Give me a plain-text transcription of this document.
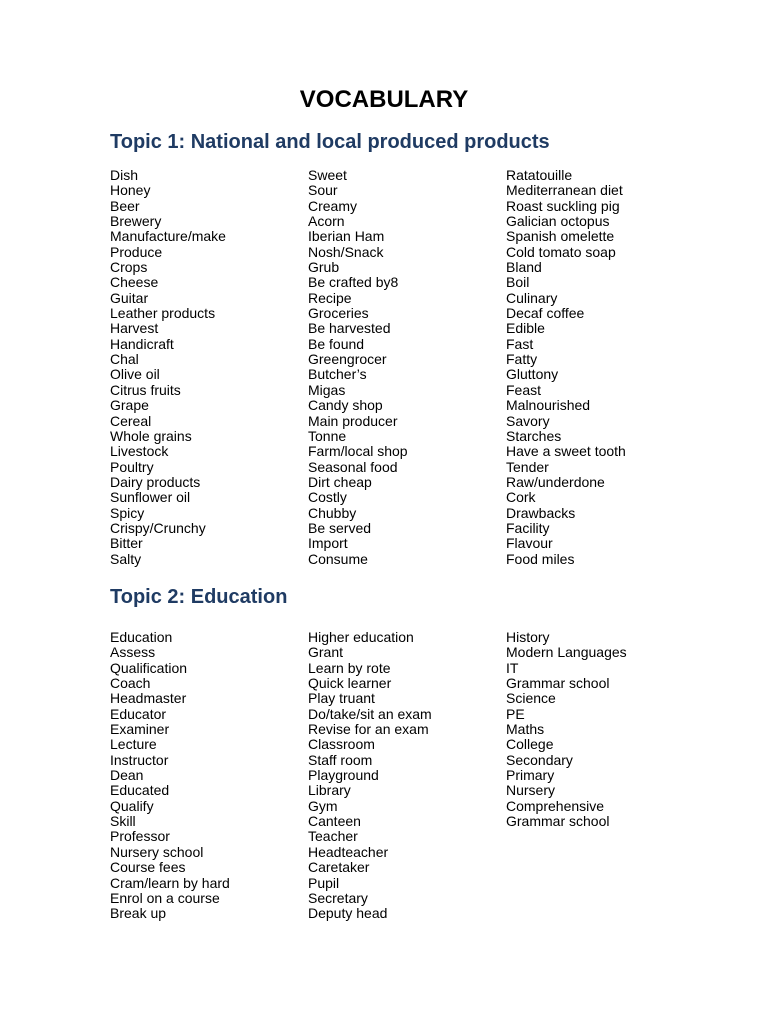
VOCABULARY
Topic 1: National and local produced products
Dish
Honey
Beer
Brewery
Manufacture/make
Produce
Crops
Cheese
Guitar
Leather products
Harvest
Handicraft
Chal
Olive oil
Citrus fruits
Grape
Cereal
Whole grains
Livestock
Poultry
Dairy products
Sunflower oil
Spicy
Crispy/Crunchy
Bitter
Salty
Sweet
Sour
Creamy
Acorn
Iberian Ham
Nosh/Snack
Grub
Be crafted by8
Recipe
Groceries
Be harvested
Be found
Greengrocer
Butcher’s
Migas
Candy shop
Main producer
Tonne
Farm/local shop
Seasonal food
Dirt cheap
Costly
Chubby
Be served
Import
Consume
Ratatouille
Mediterranean diet
Roast suckling pig
Galician octopus
Spanish omelette
Cold tomato soap
Bland
Boil
Culinary
Decaf coffee
Edible
Fast
Fatty
Gluttony
Feast
Malnourished
Savory
Starches
Have a sweet tooth
Tender
Raw/underdone
Cork
Drawbacks
Facility
Flavour
Food miles
Topic 2: Education
Education
Assess
Qualification
Coach
Headmaster
Educator
Examiner
Lecture
Instructor
Dean
Educated
Qualify
Skill
Professor
Nursery school
Course fees
Cram/learn by hard
Enrol on a course
Break up
Higher education
Grant
Learn by rote
Quick learner
Play truant
Do/take/sit an exam
Revise for an exam
Classroom
Staff room
Playground
Library
Gym
Canteen
Teacher
Headteacher
Caretaker
Pupil
Secretary
Deputy head
History
Modern Languages
IT
Grammar school
Science
PE
Maths
College
Secondary
Primary
Nursery
Comprehensive
Grammar school
